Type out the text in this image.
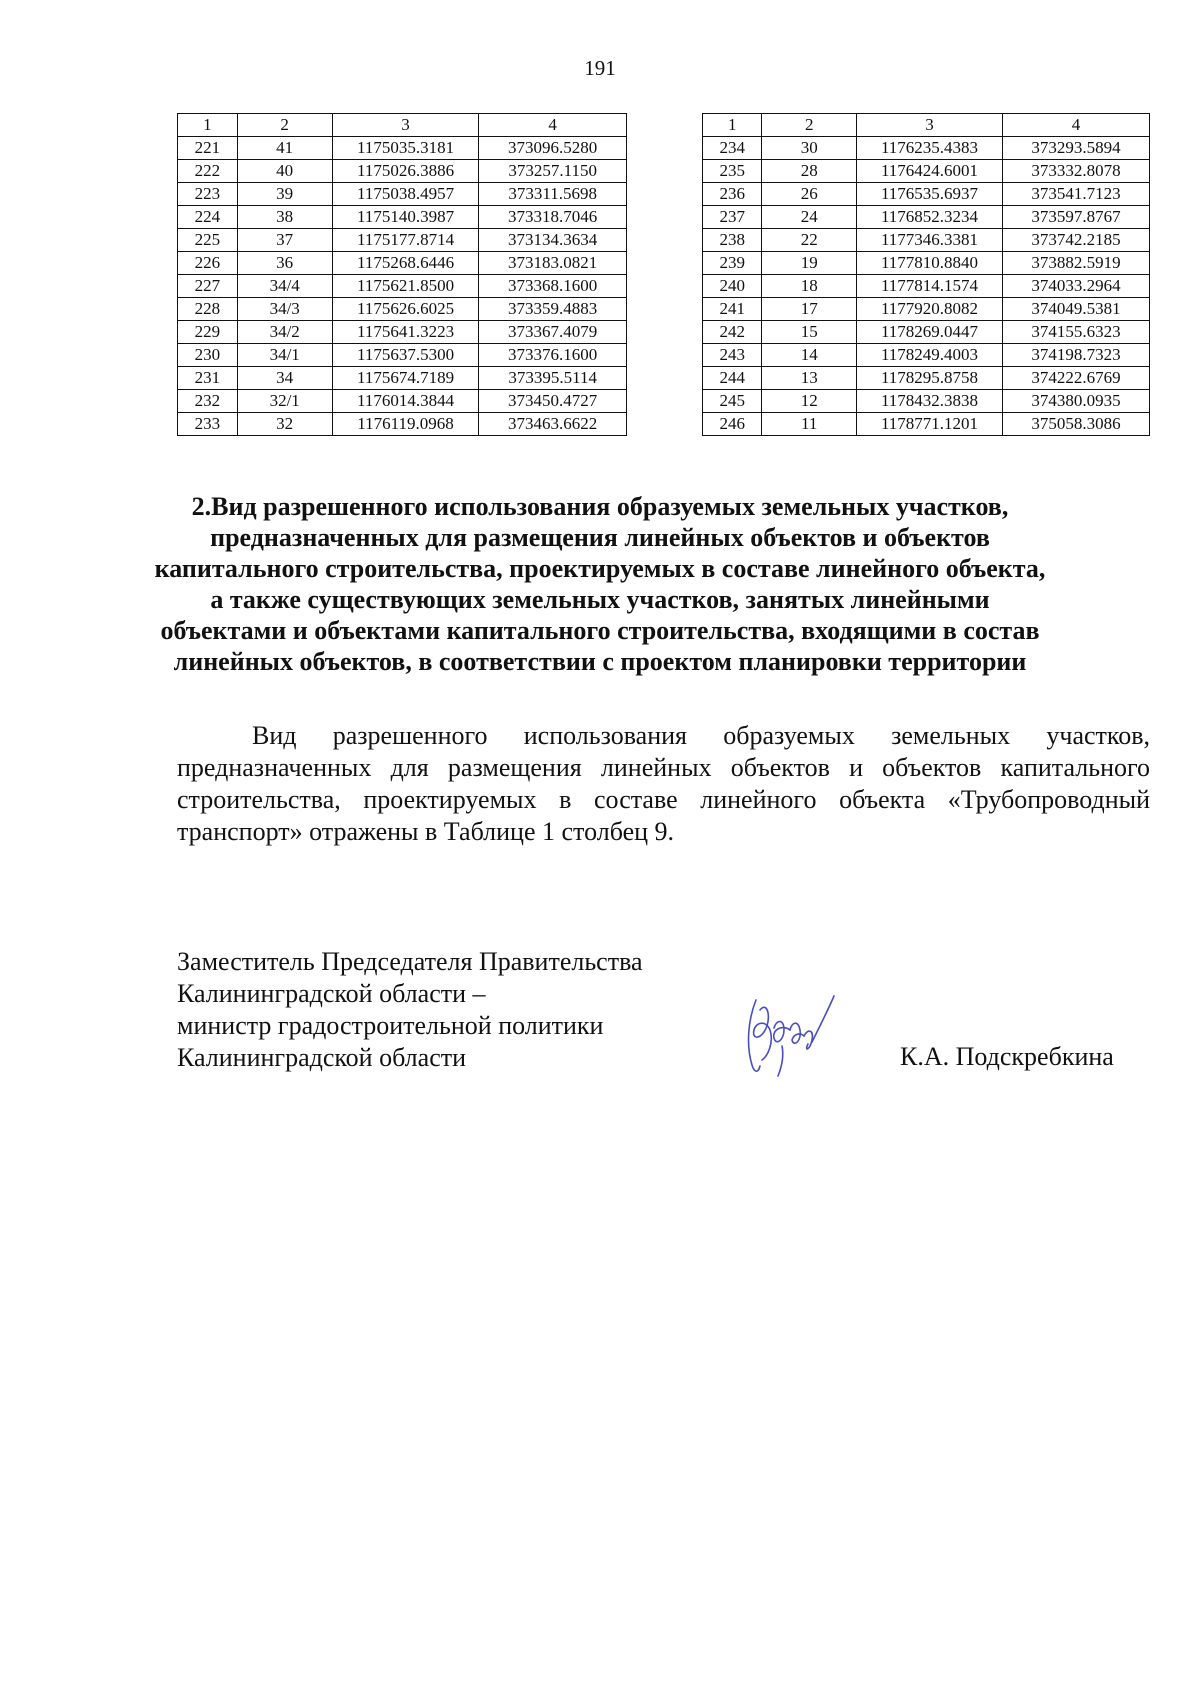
191
1	2	3	4
221	41	1175035.3181	373096.5280
222	40	1175026.3886	373257.1150
223	39	1175038.4957	373311.5698
224	38	1175140.3987	373318.7046
225	37	1175177.8714	373134.3634
226	36	1175268.6446	373183.0821
227	34/4	1175621.8500	373368.1600
228	34/3	1175626.6025	373359.4883
229	34/2	1175641.3223	373367.4079
230	34/1	1175637.5300	373376.1600
231	34	1175674.7189	373395.5114
232	32/1	1176014.3844	373450.4727
233	32	1176119.0968	373463.6622
1	2	3	4
234	30	1176235.4383	373293.5894
235	28	1176424.6001	373332.8078
236	26	1176535.6937	373541.7123
237	24	1176852.3234	373597.8767
238	22	1177346.3381	373742.2185
239	19	1177810.8840	373882.5919
240	18	1177814.1574	374033.2964
241	17	1177920.8082	374049.5381
242	15	1178269.0447	374155.6323
243	14	1178249.4003	374198.7323
244	13	1178295.8758	374222.6769
245	12	1178432.3838	374380.0935
246	11	1178771.1201	375058.3086
2.Вид разрешенного использования образуемых земельных участков,
предназначенных для размещения линейных объектов и объектов
капитального строительства, проектируемых в составе линейного объекта,
а также существующих земельных участков, занятых линейными
объектами и объектами капитального строительства, входящими в состав
линейных объектов, в соответствии с проектом планировки территории
Вид разрешенного использования образуемых земельных участков,
предназначенных для размещения линейных объектов и объектов капитального
строительства, проектируемых в составе линейного объекта «Трубопроводный
транспорт» отражены в Таблице 1 столбец 9.
Заместитель Председателя Правительства
Калининградской области –
министр градостроительной политики
Калининградской области	К.А. Подскребкина
